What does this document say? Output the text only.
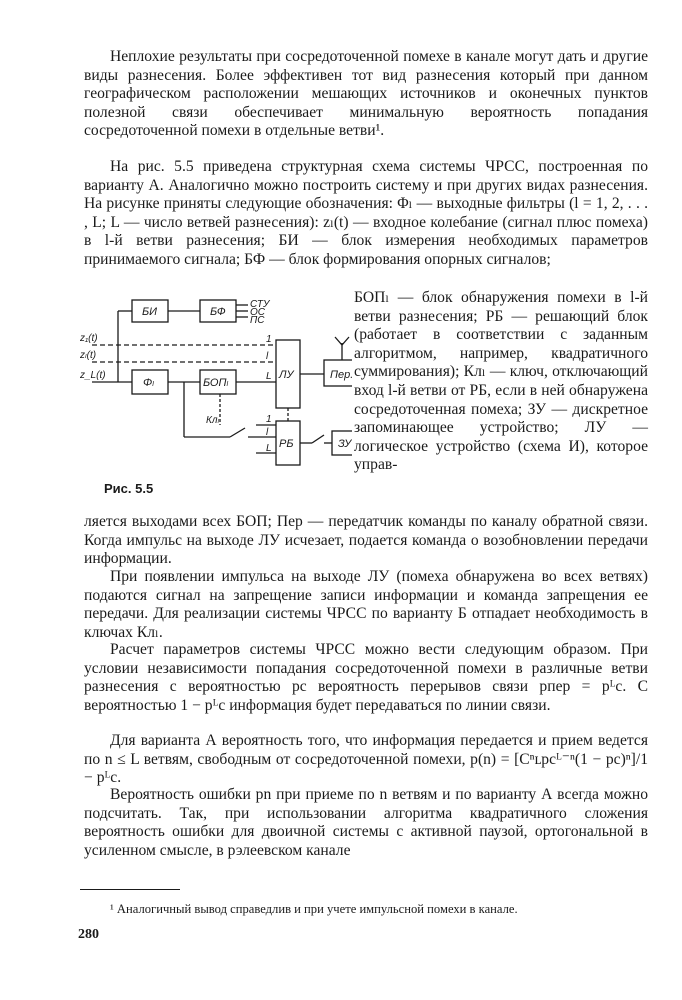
Неплохие результаты при сосредоточенной помехе в канале могут дать и другие виды разнесения. Более эффективен тот вид разнесения который при данном географическом расположении мешающих источников и оконечных пунктов полезной связи обеспечивает минимальную вероятность попадания сосредоточенной помехи в отдельные ветви¹.

На рис. 5.5 приведена структурная схема системы ЧРСС, построенная по варианту А. Аналогично можно построить систему и при других видах разнесения. На рисунке приняты следующие обозначения: Φₗ — выходные фильтры (l = 1, 2, . . . , L; L — число ветвей разнесения): zₗ(t) — входное колебание (сигнал плюс помеха) в l-й ветви разнесения; БИ — блок измерения необходимых параметров принимаемого сигнала; БФ — блок формирования опорных сигналов;

БИ	БФ
СТУ
ОС
ПС
z₁(t)
zₗ(t)
z_L(t)
Φₗ	БОПₗ
ЛУ	Пер.
1
l
L
Клₗ
РБ	ЗУ
1
l
L
Рис. 5.5

БОПₗ — блок обнаружения помехи в l-й ветви разнесения; РБ — решающий блок (работает в соответствии с заданным алгоритмом, например, квадратичного суммирования); Клₗ — ключ, отключающий вход l-й ветви от РБ, если в ней обнаружена сосредоточенная помеха; ЗУ — дискретное запоминающее устройство; ЛУ — логическое устройство (схема И), которое управ-

ляется выходами всех БОП; Пер — передатчик команды по каналу обратной связи. Когда импульс на выходе ЛУ исчезает, подается команда о возобновлении передачи информации.

При появлении импульса на выходе ЛУ (помеха обнаружена во всех ветвях) подаются сигнал на запрещение записи информации и команда запрещения ее передачи. Для реализации системы ЧРСС по варианту Б отпадает необходимость в ключах Клₗ.

Расчет параметров системы ЧРСС можно вести следующим образом. При условии независимости попадания сосредоточенной помехи в различные ветви разнесения с вероятностью pc вероятность перерывов связи pпер = pᴸc. С вероятностью 1 − pᴸc информация будет передаваться по линии связи.

Для варианта А вероятность того, что информация передается и прием ведется по n ≤ L ветвям, свободным от сосредоточенной помехи, p(n) = [Cⁿʟpcᴸ⁻ⁿ(1 − pc)ⁿ]/1 − pᴸc.

Вероятность ошибки pn при приеме по n ветвям и по варианту А всегда можно подсчитать. Так, при использовании алгоритма квадратичного сложения вероятность ошибки для двоичной системы с активной паузой, ортогональной в усиленном смысле, в рэлеевском канале

¹ Аналогичный вывод справедлив и при учете импульсной помехи в канале.

280
